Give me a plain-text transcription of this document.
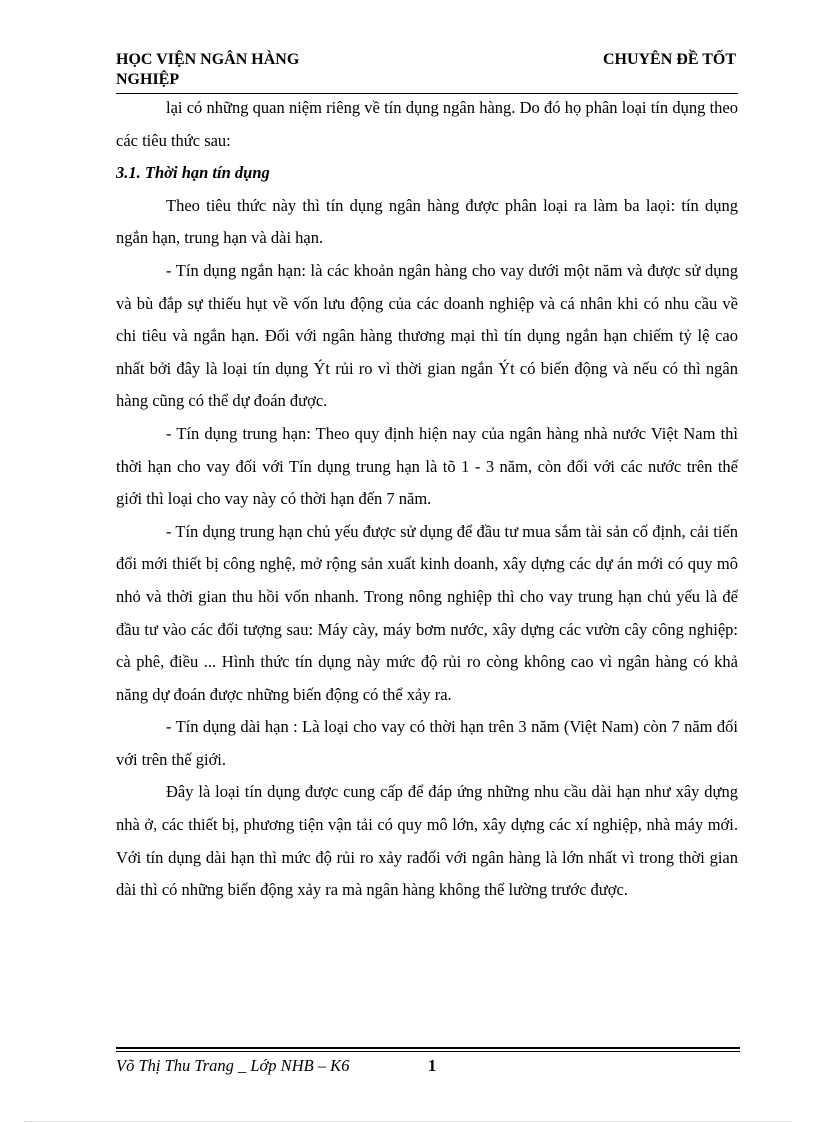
HỌC VIỆN NGÂN HÀNG	CHUYÊN ĐỀ TỐT
NGHIỆP

lại có những quan niệm riêng về tín dụng ngân hàng. Do đó họ phân loại tín dụng theo các tiêu thức sau:

3.1. Thời hạn tín dụng

Theo tiêu thức này thì tín dụng ngân hàng được phân loại ra làm ba laọi: tín dụng ngắn hạn, trung hạn và dài hạn.

- Tín dụng ngắn hạn: là các khoản ngân hàng cho vay dưới một năm và được sử dụng và bù đắp sự thiếu hụt về vốn lưu động của các doanh nghiệp và cá nhân khi có nhu cầu về chi tiêu và ngắn hạn. Đối với ngân hàng thương mại thì tín dụng ngắn hạn chiếm tỷ lệ cao nhất bởi đây là loại tín dụng Ýt rủi ro vì thời gian ngắn Ýt có biến động và nếu có thì ngân hàng cũng có thể dự đoán được.

- Tín dụng trung hạn: Theo quy định hiện nay của ngân hàng nhà nước Việt Nam thì thời hạn cho vay đối với Tín dụng trung hạn là tõ 1 - 3 năm, còn đối với các nước trên thế giới thì loại cho vay này có thời hạn đến 7 năm.

- Tín dụng trung hạn chủ yếu được sử dụng để đầu tư mua sắm tài sản cố định, cải tiến đổi mới thiết bị công nghệ, mở rộng sản xuất kinh doanh, xây dựng các dự án mới có quy mô nhỏ và thời gian thu hồi vốn nhanh. Trong nông nghiệp thì cho vay trung hạn chủ yếu là để đầu tư vào các đối tượng sau: Máy cày, máy bơm nước, xây dựng các vườn cây công nghiệp: cà phê, điều ... Hình thức tín dụng này mức độ rủi ro còng không cao vì ngân hàng có khả năng dự đoán được những biến động có thể xảy ra.

- Tín dụng dài hạn : Là loại cho vay có thời hạn trên 3 năm (Việt Nam) còn 7 năm đối với trên thế giới.

Đây là loại tín dụng được cung cấp để đáp ứng những nhu cầu dài hạn như xây dựng nhà ở, các thiết bị, phương tiện vận tải có quy mô lớn, xây dựng các xí nghiệp, nhà máy mới. Với tín dụng dài hạn thì mức độ rủi ro xảy rađối với ngân hàng là lớn nhất vì trong thời gian dài thì có những biến động xảy ra mà ngân hàng không thể lường trước được.

Võ Thị Thu Trang _ Lớp NHB – K6	1
